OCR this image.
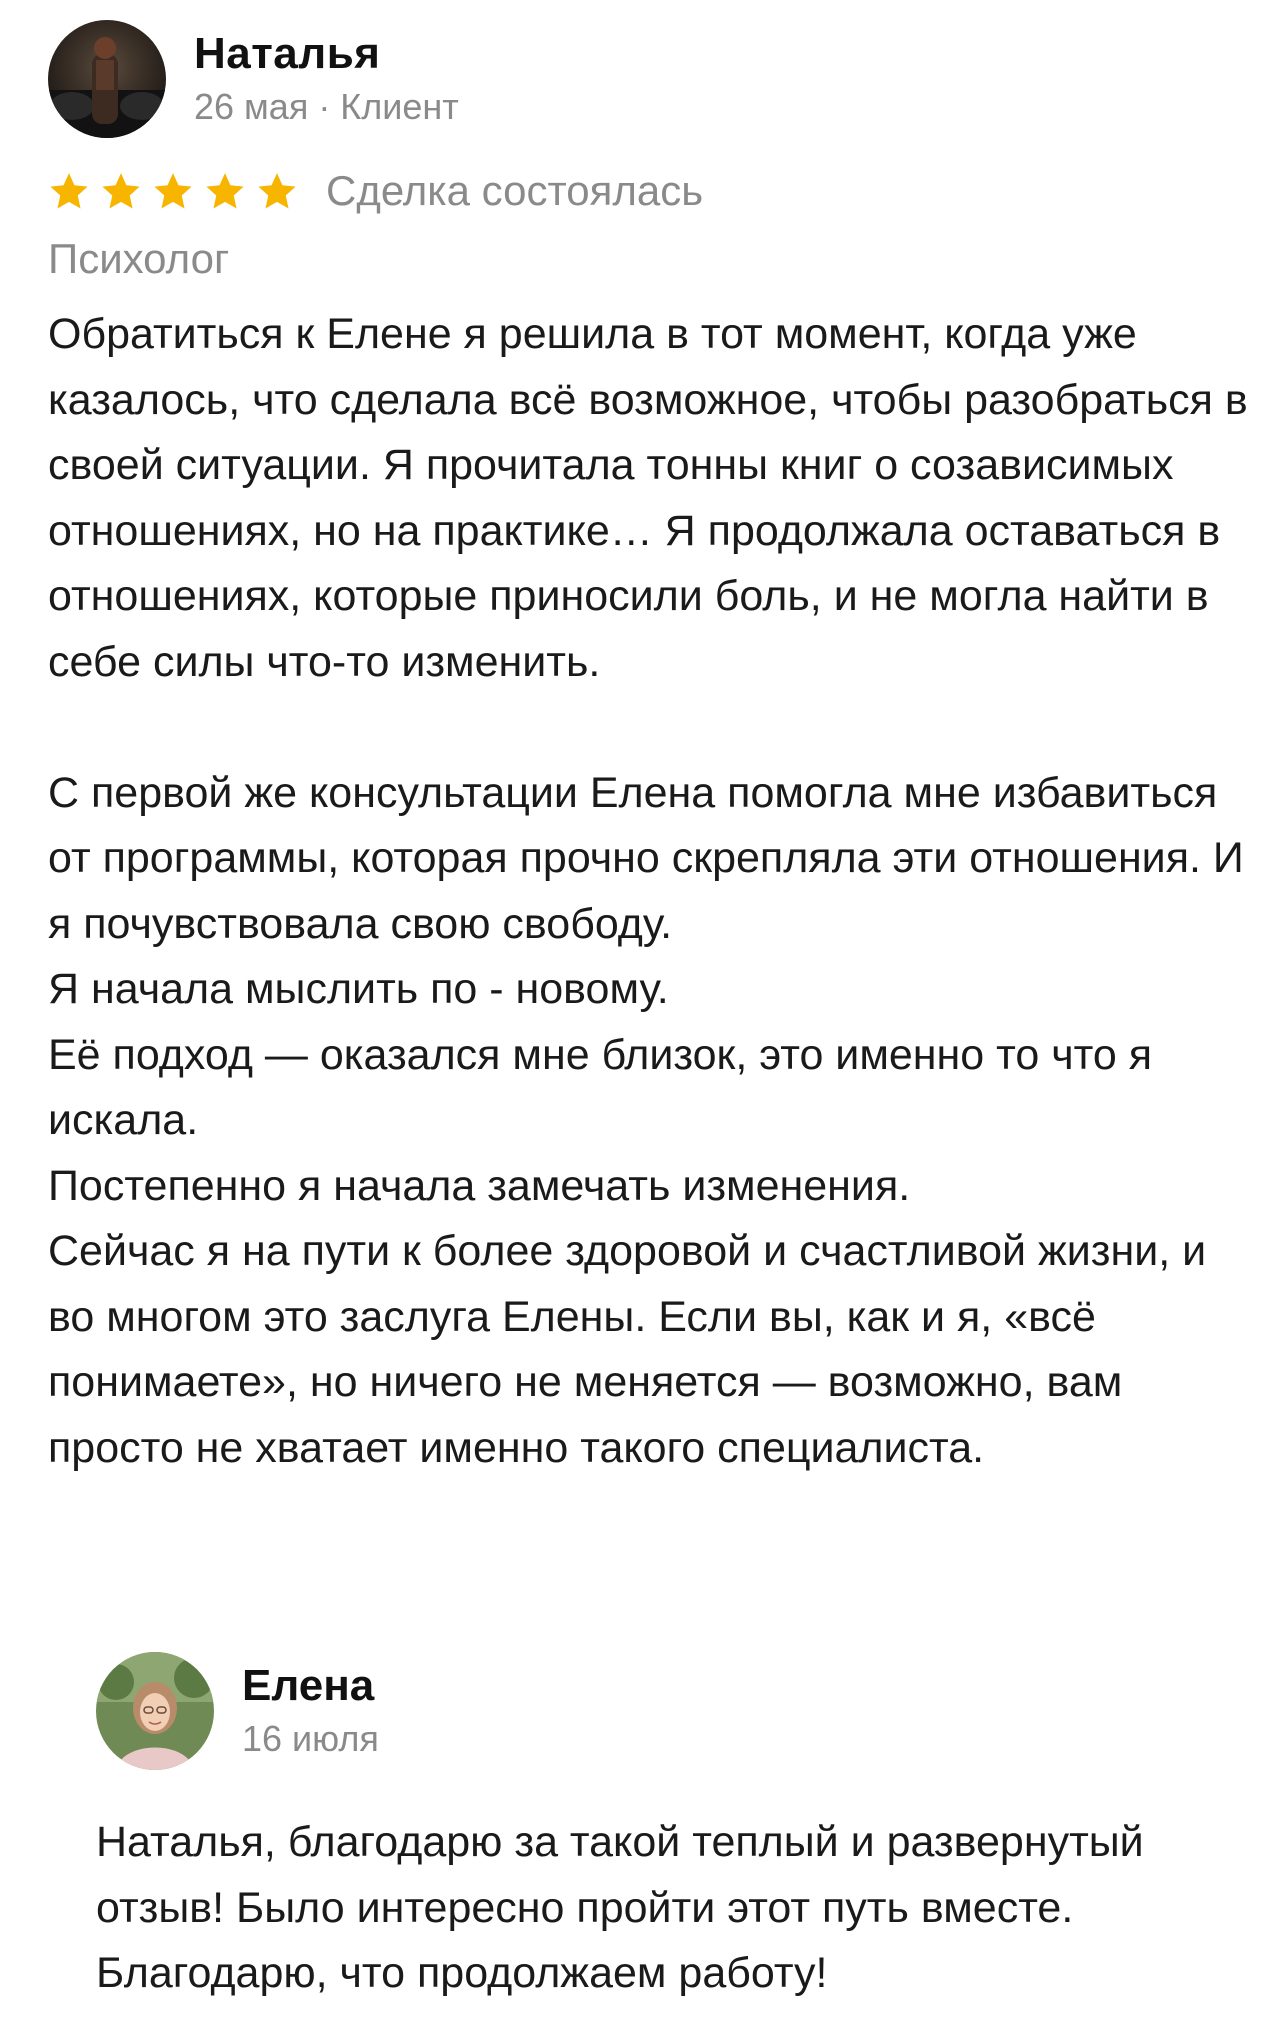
Наталья
26 мая · Клиент
Сделка состоялась
Психолог
Обратиться к Елене я решила в тот момент, когда уже казалось, что сделала всё возможное, чтобы разобраться в своей ситуации. Я прочитала тонны книг о созависимых отношениях, но на практике… Я продолжала оставаться в отношениях, которые приносили боль, и не могла найти в себе силы что-то изменить.

С первой же консультации Елена помогла мне избавиться от программы, которая прочно скрепляла эти отношения. И я почувствовала свою свободу.
Я начала мыслить по - новому.
Её подход — оказался мне близок, это именно то что я искала.
Постепенно я начала замечать изменения.
Сейчас я на пути к более здоровой и счастливой жизни, и во многом это заслуга Елены. Если вы, как и я, «всё понимаете», но ничего не меняется — возможно, вам просто не хватает именно такого специалиста.
Елена
16 июля
Наталья, благодарю за такой теплый и развернутый отзыв! Было интересно пройти этот путь вместе.
Благодарю, что продолжаем работу!
